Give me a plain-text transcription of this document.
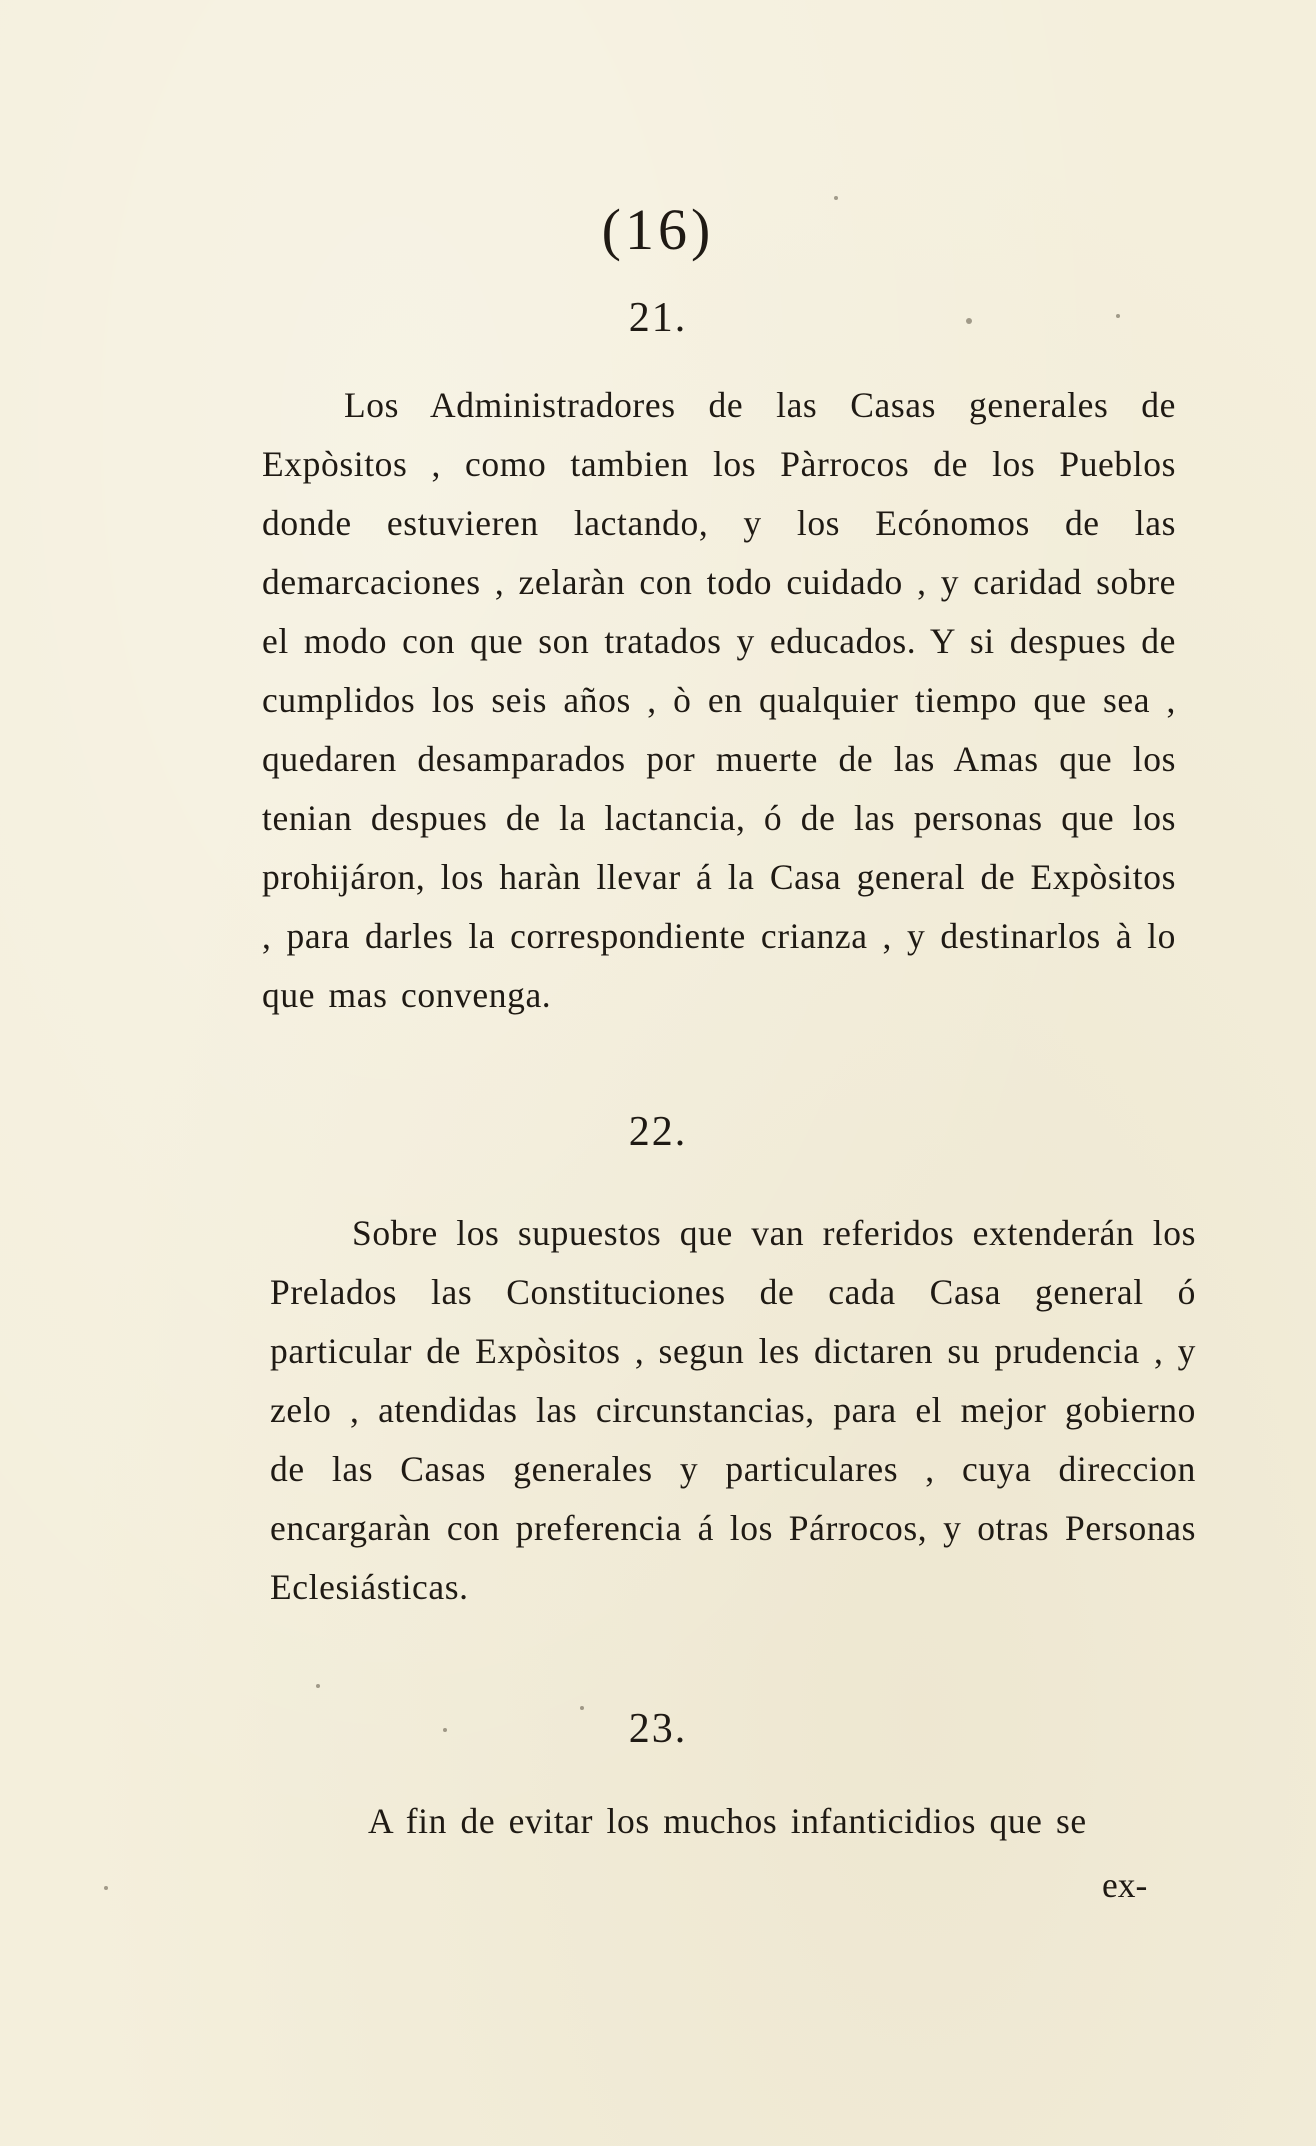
(16)
21.

Los Administradores de las Casas generales de Expòsitos , como tambien los Pàrrocos de los Pueblos donde estuvieren lactando, y los Ecónomos de las demarcaciones , zelaràn con todo cuidado , y caridad sobre el modo con que son tratados y educados. Y si despues de cumplidos los seis años , ò en qualquier tiempo que sea , quedaren desamparados por muerte de las Amas que los tenian despues de la lactancia, ó de las personas que los prohijáron, los haràn llevar á la Casa general de Expòsitos , para darles la correspondiente crianza , y destinarlos à lo que mas convenga.

22.

Sobre los supuestos que van referidos extenderán los Prelados las Constituciones de cada Casa general ó particular de Expòsitos , segun les dictaren su prudencia , y zelo , atendidas las circunstancias, para el mejor gobierno de las Casas generales y particulares , cuya direccion encargaràn con preferencia á los Párrocos, y otras Personas Eclesiásticas.

23.

A fin de evitar los muchos infanticidios que se

ex-
